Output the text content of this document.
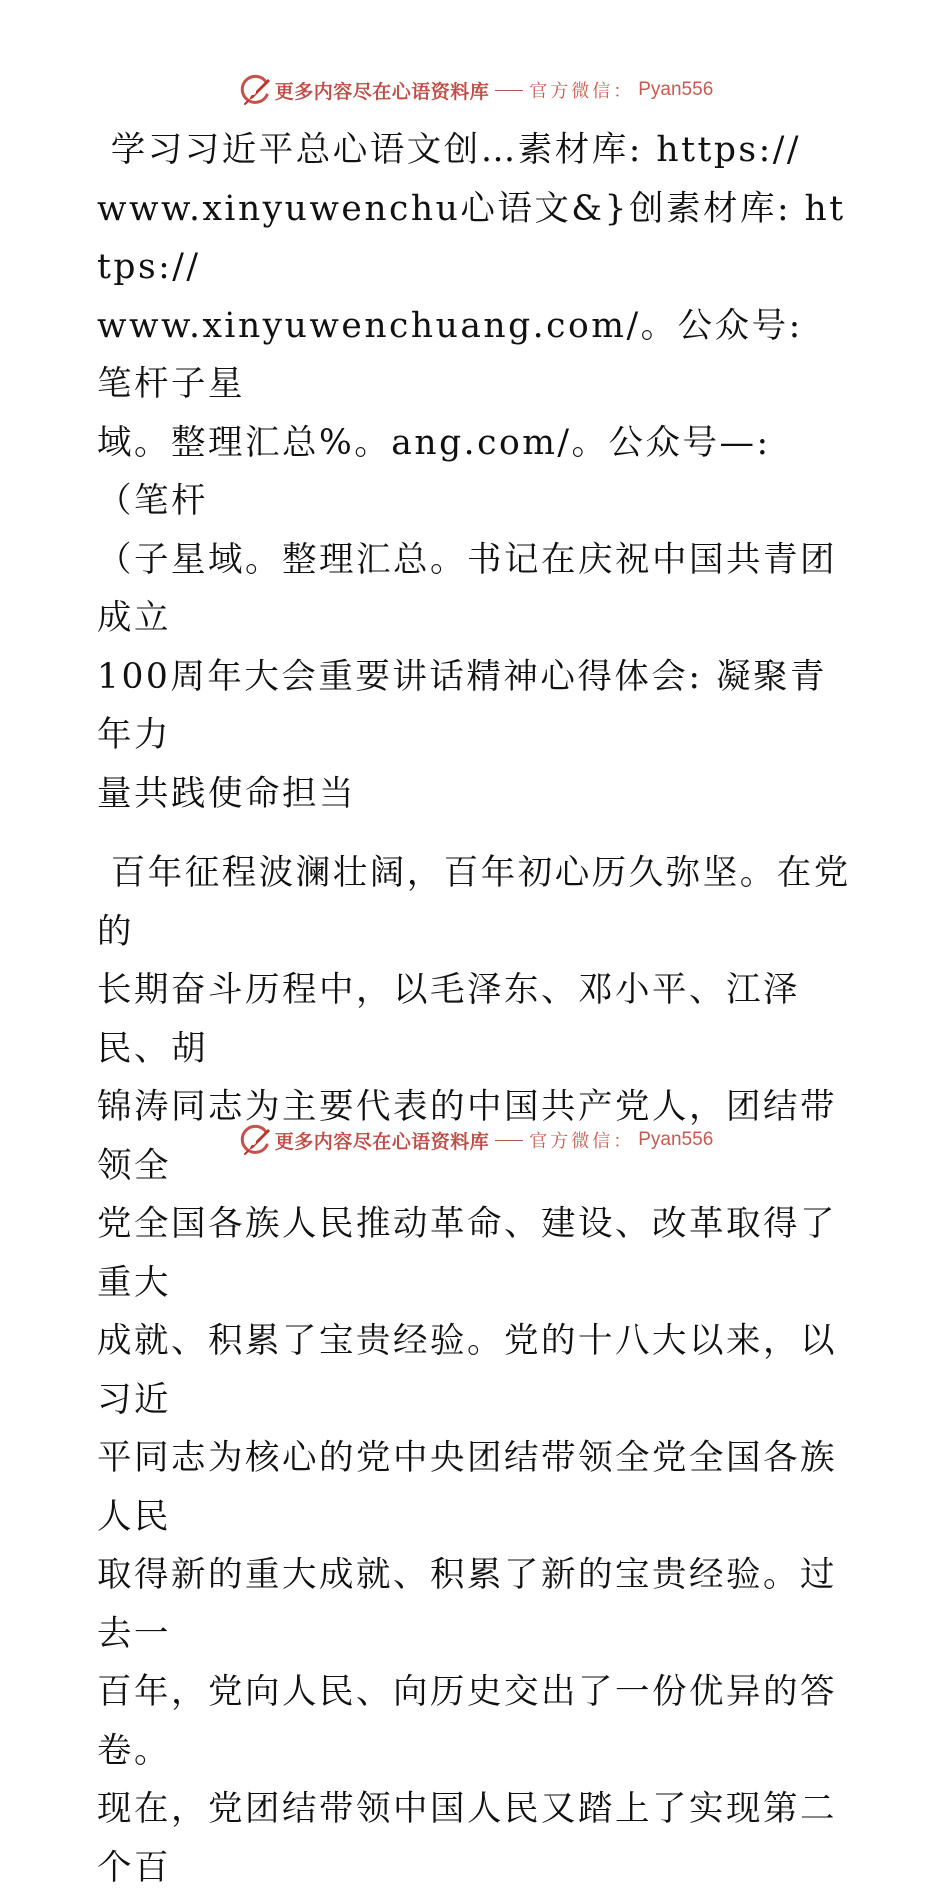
更多内容尽在心语资料库 官方微信： Pyan556

学习习近平总心语文创…素材库: https://
www.xinyuwenchu心语文&}创素材库: https://
www.xinyuwenchuang.com/。公众号: 笔杆子星
域。整理汇总%。ang.com/。公众号—: （笔杆
（子星域。整理汇总。书记在庆祝中国共青团成立
100周年大会重要讲话精神心得体会: 凝聚青年力
量共践使命担当

百年征程波澜壮阔，百年初心历久弥坚。在党的
长期奋斗历程中，以毛泽东、邓小平、江泽民、胡
锦涛同志为主要代表的中国共产党人，团结带领全
党全国各族人民推动革命、建设、改革取得了重大
成就、积累了宝贵经验。党的十八大以来，以习近
平同志为核心的党中央团结带领全党全国各族人民
取得新的重大成就、积累了新的宝贵经验。过去一
百年，党向人民、向历史交出了一份优异的答卷。
现在，党团结带领中国人民又踏上了实现第二个百

更多内容尽在心语资料库 官方微信： Pyan556
